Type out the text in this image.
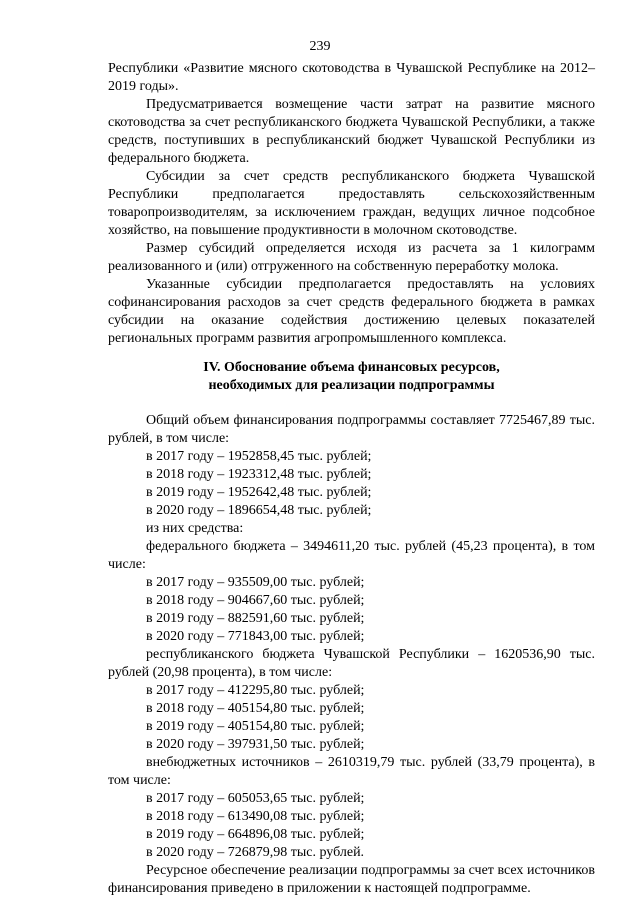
239

Республики «Развитие мясного скотоводства в Чувашской Республике на 2012–2019 годы».

Предусматривается возмещение части затрат на развитие мясного скотоводства за счет республиканского бюджета Чувашской Республики, а также средств, поступивших в республиканский бюджет Чувашской Республики из федерального бюджета.

Субсидии за счет средств республиканского бюджета Чувашской Республики предполагается предоставлять сельскохозяйственным товаропроизводителям, за исключением граждан, ведущих личное подсобное хозяйство, на повышение продуктивности в молочном скотоводстве.

Размер субсидий определяется исходя из расчета за 1 килограмм реализованного и (или) отгруженного на собственную переработку молока.

Указанные субсидии предполагается предоставлять на условиях софинансирования расходов за счет средств федерального бюджета в рамках субсидии на оказание содействия достижению целевых показателей региональных программ развития агропромышленного комплекса.

IV. Обоснование объема финансовых ресурсов,
необходимых для реализации подпрограммы

Общий объем финансирования подпрограммы составляет 7725467,89 тыс. рублей, в том числе:

в 2017 году – 1952858,45 тыс. рублей;

в 2018 году – 1923312,48 тыс. рублей;

в 2019 году – 1952642,48 тыс. рублей;

в 2020 году – 1896654,48 тыс. рублей;

из них средства:

федерального бюджета – 3494611,20 тыс. рублей (45,23 процента), в том числе:

в 2017 году – 935509,00 тыс. рублей;

в 2018 году – 904667,60 тыс. рублей;

в 2019 году – 882591,60 тыс. рублей;

в 2020 году – 771843,00 тыс. рублей;

республиканского бюджета Чувашской Республики – 1620536,90 тыс. рублей (20,98 процента), в том числе:

в 2017 году – 412295,80 тыс. рублей;

в 2018 году – 405154,80 тыс. рублей;

в 2019 году – 405154,80 тыс. рублей;

в 2020 году – 397931,50 тыс. рублей;

внебюджетных источников – 2610319,79 тыс. рублей (33,79 процента), в том числе:

в 2017 году – 605053,65 тыс. рублей;

в 2018 году – 613490,08 тыс. рублей;

в 2019 году – 664896,08 тыс. рублей;

в 2020 году – 726879,98 тыс. рублей.

Ресурсное обеспечение реализации подпрограммы за счет всех источников финансирования приведено в приложении к настоящей подпрограмме.
